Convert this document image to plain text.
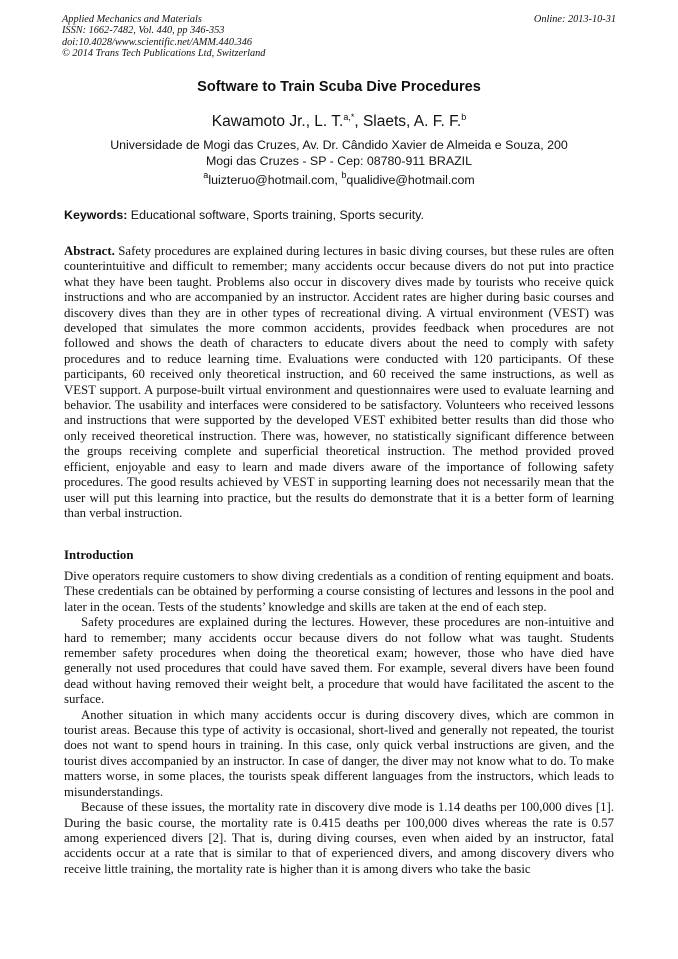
Applied Mechanics and Materials
ISSN: 1662-7482, Vol. 440, pp 346-353
doi:10.4028/www.scientific.net/AMM.440.346
© 2014 Trans Tech Publications Ltd, Switzerland
Online: 2013-10-31
Software to Train Scuba Dive Procedures
Kawamoto Jr., L. T.$^{a,*}$, Slaets, A. F. F.$^b$
Universidade de Mogi das Cruzes, Av. Dr. Cândido Xavier de Almeida e Souza, 200
Mogi das Cruzes - SP - Cep: 08780-911 BRAZIL
$^a$luizteruo@hotmail.com, $^b$qualidive@hotmail.com
Keywords: Educational software, Sports training, Sports security.
Abstract. Safety procedures are explained during lectures in basic diving courses, but these rules are often counterintuitive and difficult to remember; many accidents occur because divers do not put into practice what they have been taught. Problems also occur in discovery dives made by tourists who receive quick instructions and who are accompanied by an instructor. Accident rates are higher during basic courses and discovery dives than they are in other types of recreational diving. A virtual environment (VEST) was developed that simulates the more common accidents, provides feedback when procedures are not followed and shows the death of characters to educate divers about the need to comply with safety procedures and to reduce learning time. Evaluations were conducted with 120 participants. Of these participants, 60 received only theoretical instruction, and 60 received the same instructions, as well as VEST support. A purpose-built virtual environment and questionnaires were used to evaluate learning and behavior. The usability and interfaces were considered to be satisfactory. Volunteers who received lessons and instructions that were supported by the developed VEST exhibited better results than did those who only received theoretical instruction. There was, however, no statistically significant difference between the groups receiving complete and superficial theoretical instruction. The method provided proved efficient, enjoyable and easy to learn and made divers aware of the importance of following safety procedures. The good results achieved by VEST in supporting learning does not necessarily mean that the user will put this learning into practice, but the results do demonstrate that it is a better form of learning than verbal instruction.
Introduction

Dive operators require customers to show diving credentials as a condition of renting equipment and boats. These credentials can be obtained by performing a course consisting of lectures and lessons in the pool and later in the ocean. Tests of the students’ knowledge and skills are taken at the end of each step.

Safety procedures are explained during the lectures. However, these procedures are non-intuitive and hard to remember; many accidents occur because divers do not follow what was taught. Students remember safety procedures when doing the theoretical exam; however, those who have died have generally not used procedures that could have saved them. For example, several divers have been found dead without having removed their weight belt, a procedure that would have facilitated the ascent to the surface.

Another situation in which many accidents occur is during discovery dives, which are common in tourist areas. Because this type of activity is occasional, short-lived and generally not repeated, the tourist does not want to spend hours in training. In this case, only quick verbal instructions are given, and the tourist dives accompanied by an instructor. In case of danger, the diver may not know what to do. To make matters worse, in some places, the tourists speak different languages from the instructors, which leads to misunderstandings.

Because of these issues, the mortality rate in discovery dive mode is 1.14 deaths per 100,000 dives [1]. During the basic course, the mortality rate is 0.415 deaths per 100,000 dives whereas the rate is 0.57 among experienced divers [2]. That is, during diving courses, even when aided by an instructor, fatal accidents occur at a rate that is similar to that of experienced divers, and among discovery divers who receive little training, the mortality rate is higher than it is among divers who take the basic
